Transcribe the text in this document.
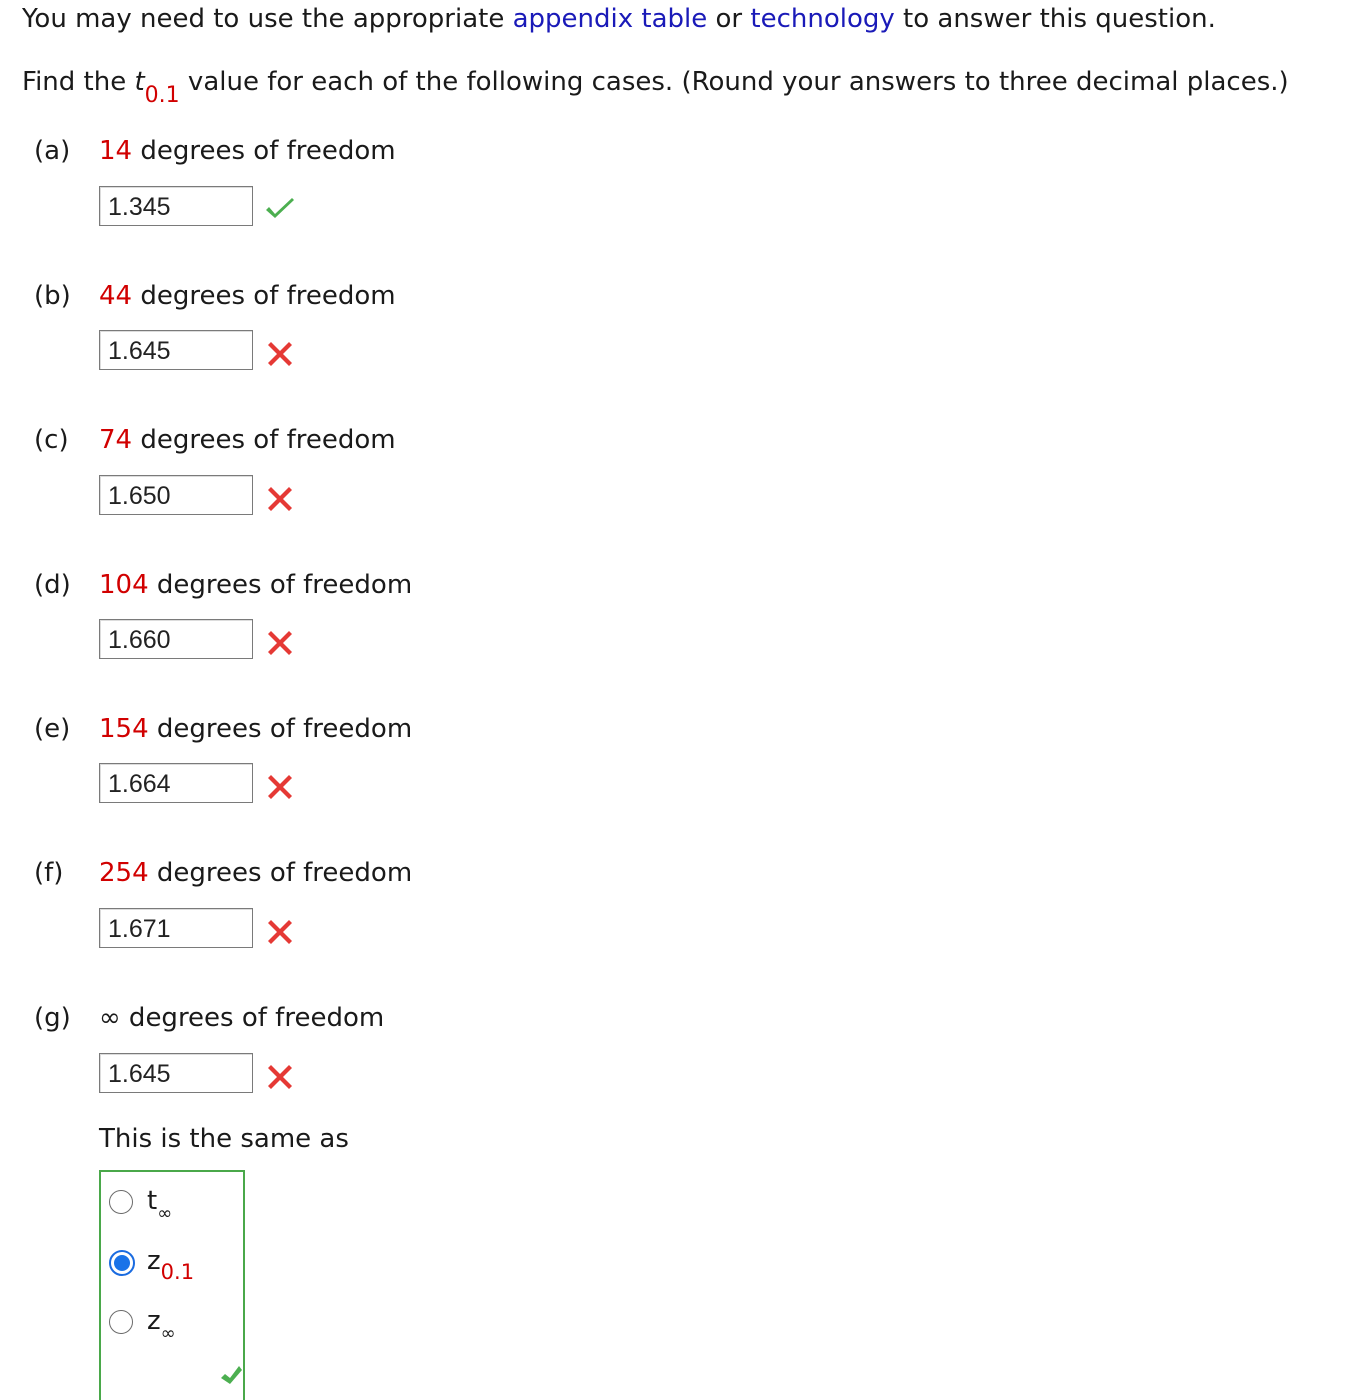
You may need to use the appropriate appendix table or technology to answer this question.
Find the $t_{0.1}$ value for each of the following cases. (Round your answers to three decimal places.)
(a) 14 degrees of freedom
1.345
(b) 44 degrees of freedom
1.645
(c) 74 degrees of freedom
1.650
(d) 104 degrees of freedom
1.660
(e) 154 degrees of freedom
1.664
(f) 254 degrees of freedom
1.671
(g) ∞ degrees of freedom
1.645
This is the same as
$t_\infty$
$z_{0.1}$
$z_\infty$
